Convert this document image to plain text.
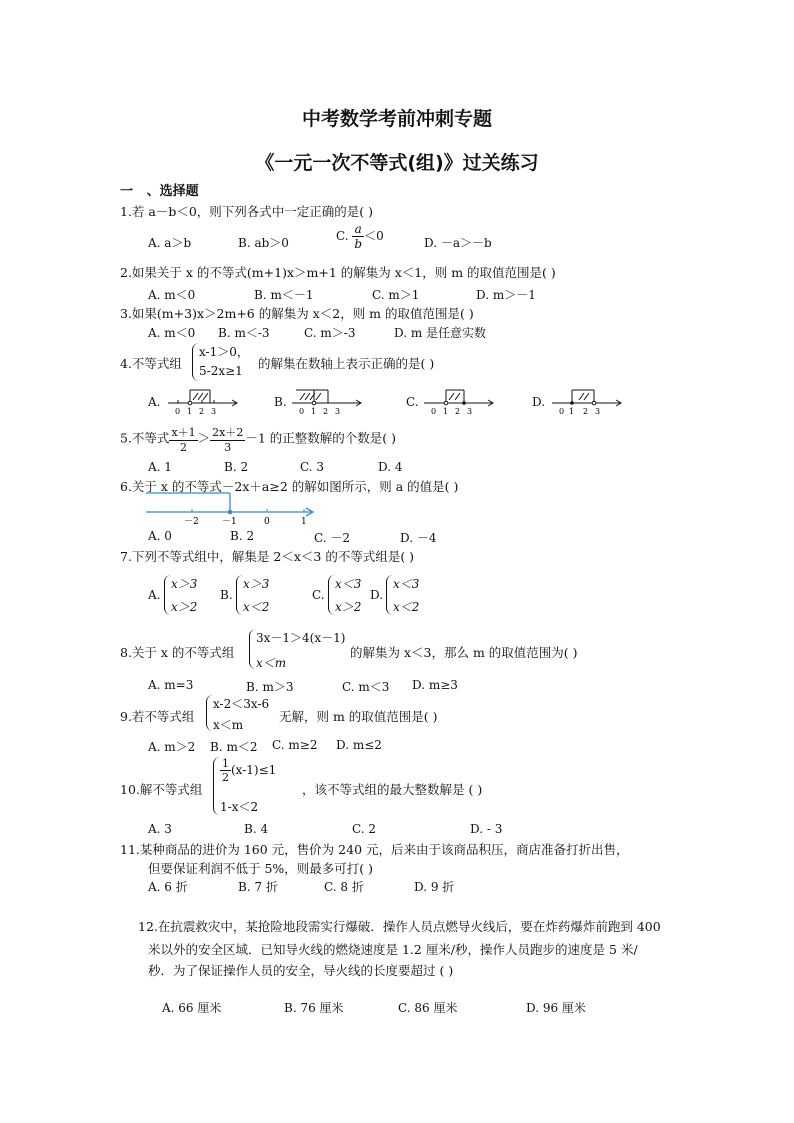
中考数学考前冲刺专题
《一元一次不等式(组)》过关练习
一 、选择题
1.若 a－b＜0，则下列各式中一定正确的是( )
A. a＞b	B. ab＞0	C. $\frac{a}{b} <0$	D. －a＞－b
2.如果关于 x 的不等式(m+1)x＞m+1 的解集为 x＜1，则 m 的取值范围是( )
A. m＜0	B. m＜－1	C. m＞1	D. m＞－1
3.如果(m+3)x＞2m+6 的解集为 x＜2，则 m 的取值范围是( )
A. m＜0 B. m＜-3	C. m＞-3	D. m 是任意实数
4.不等式组
x-1＞0，
5-2x≥1 的解集在数轴上表示正确的是( )
A.	B.	C.	D.
0 1 2 3	0 1 2 3	0 1 2 3	0 1 2 3
5.不等式 $\frac{x+1}{2} > \frac{2x+2}{3} -1$ 的正整数解的个数是( )
A. 1	B. 2	C. 3	D. 4
6.关于 x 的不等式－2x＋a≥2 的解如图所示，则 a 的值是( )
－2	－1	0	1
A. 0	B. 2	C. －2	D. －4
7.下列不等式组中，解集是 2＜x＜3 的不等式组是( )
A.
x＞3
x＞2
B.
x＞3
x＜2
C.
x＜3
x＞2
D.
x＜3
x＜2
8.关于 x 的不等式组
3x－1＞4(x－1)
x＜m
的解集为 x＜3，那么 m 的取值范围为( )
A. m=3	B. m＞3	C. m＜3 D. m≥3
9.若不等式组
x-2＜3x-6
x＜m
无解，则 m 的取值范围是( )
A. m＞2 B. m＜2 C. m≥2 D. m≤2
10.解不等式组
$\frac{1}{2} (x-1)\le 1$
1-x＜2
，该不等式组的最大整数解是 ( )
A. 3	B. 4	C. 2	D. - 3
11.某种商品的进价为 160 元，售价为 240 元，后来由于该商品积压，商店准备打折出售，
但要保证利润不低于 5%，则最多可打( )
A. 6 折	B. 7 折	C. 8 折	D. 9 折
12.在抗震救灾中，某抢险地段需实行爆破．操作人员点燃导火线后，要在炸药爆炸前跑到 400
米以外的安全区域．已知导火线的燃烧速度是 1.2 厘米/秒，操作人员跑步的速度是 5 米/
秒．为了保证操作人员的安全，导火线的长度要超过 ( )
A. 66 厘米	B. 76 厘米	C. 86 厘米	D. 96 厘米
